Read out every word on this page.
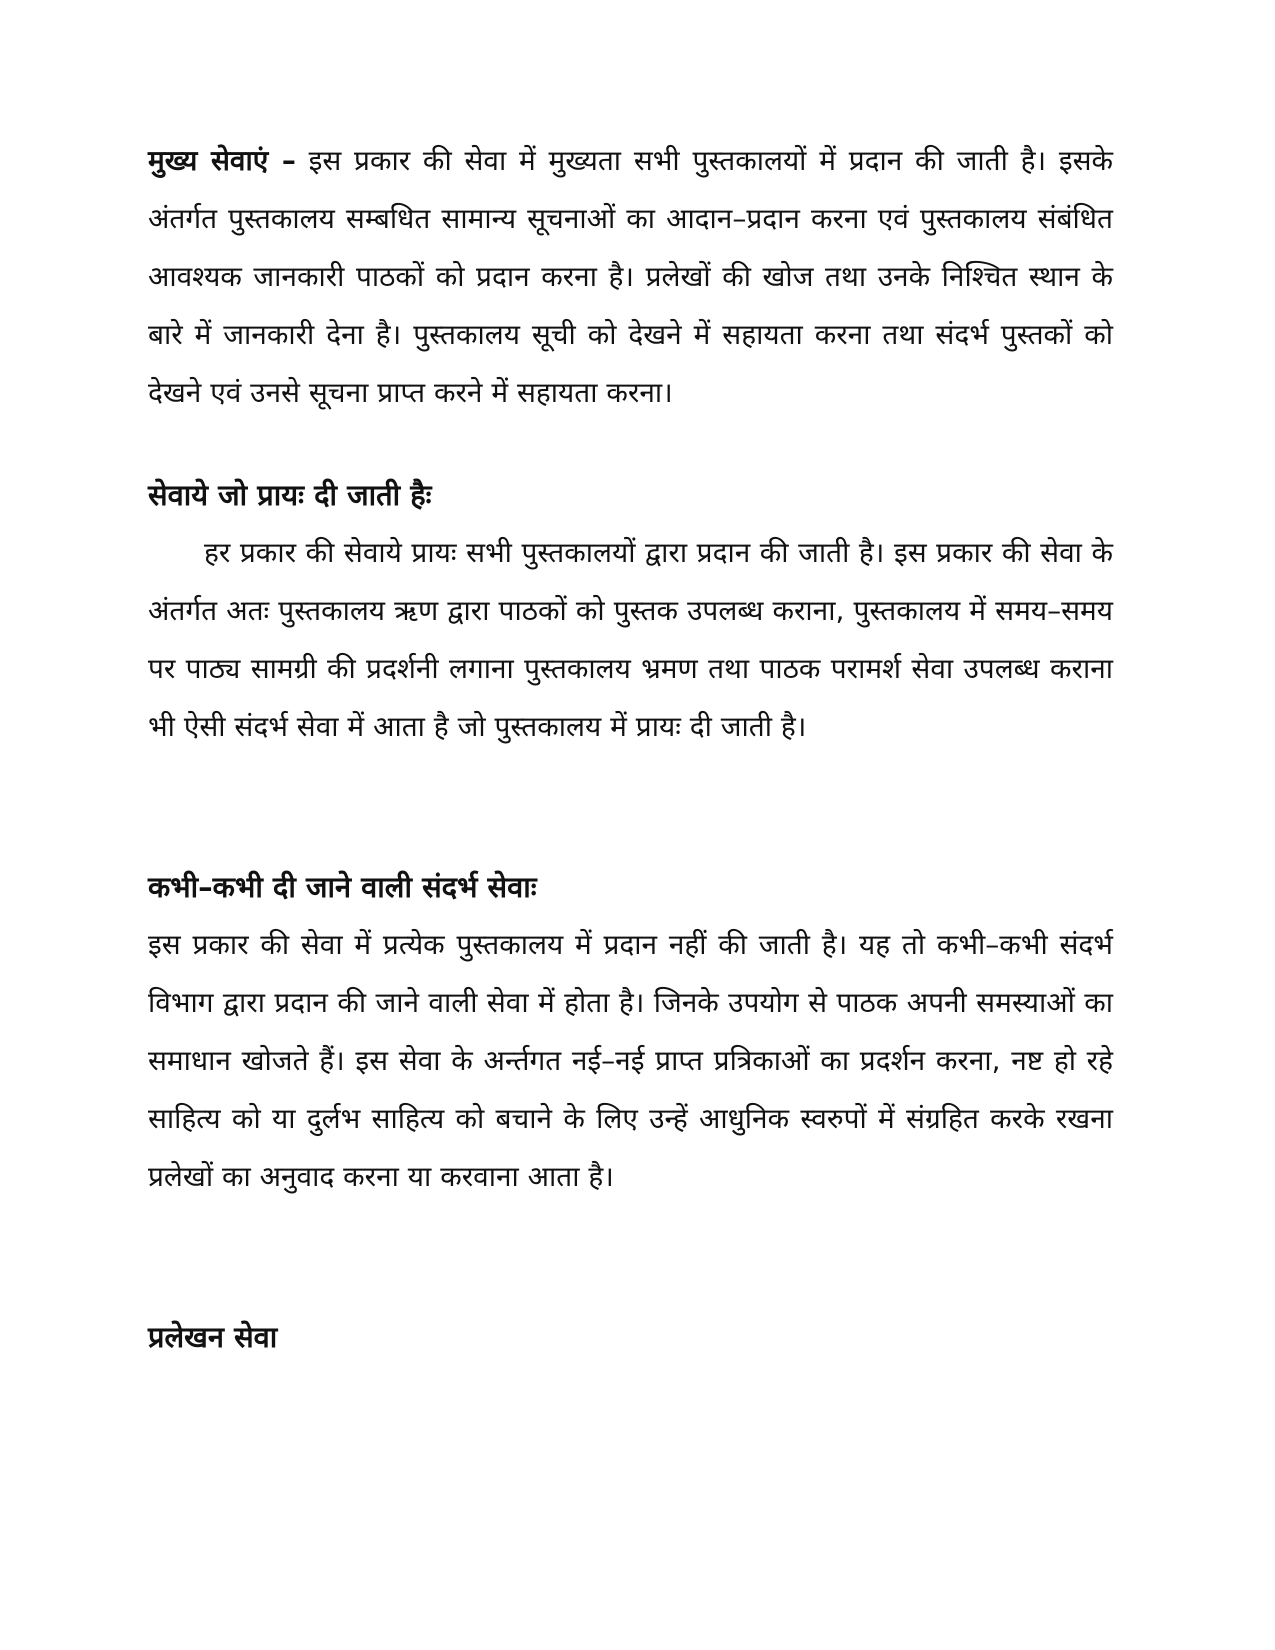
मुख्य सेवाएं – इस प्रकार की सेवा में मुख्यता सभी पुस्तकालयों में प्रदान की जाती है। इसके अंतर्गत पुस्तकालय सम्बधित सामान्य सूचनाओं का आदान–प्रदान करना एवं पुस्तकालय संबंधित आवश्यक जानकारी पाठकों को प्रदान करना है। प्रलेखों की खोज तथा उनके निश्चित स्थान के बारे में जानकारी देना है। पुस्तकालय सूची को देखने में सहायता करना तथा संदर्भ पुस्तकों को देखने एवं उनसे सूचना प्राप्त करने में सहायता करना।

सेवाये जो प्रायः दी जाती हैः

हर प्रकार की सेवाये प्रायः सभी पुस्तकालयों द्वारा प्रदान की जाती है। इस प्रकार की सेवा के अंतर्गत अतः पुस्तकालय ऋण द्वारा पाठकों को पुस्तक उपलब्ध कराना, पुस्तकालय में समय–समय पर पाठ्य सामग्री की प्रदर्शनी लगाना पुस्तकालय भ्रमण तथा पाठक परामर्श सेवा उपलब्ध कराना भी ऐसी संदर्भ सेवा में आता है जो पुस्तकालय में प्रायः दी जाती है।

कभी–कभी दी जाने वाली संदर्भ सेवाः

इस प्रकार की सेवा में प्रत्येक पुस्तकालय में प्रदान नहीं की जाती है। यह तो कभी–कभी संदर्भ विभाग द्वारा प्रदान की जाने वाली सेवा में होता है। जिनके उपयोग से पाठक अपनी समस्याओं का समाधान खोजते हैं। इस सेवा के अर्न्तगत नई–नई प्राप्त प्रत्रिकाओं का प्रदर्शन करना, नष्ट हो रहे साहित्य को या दुर्लभ साहित्य को बचाने के लिए उन्हें आधुनिक स्वरुपों में संग्रहित करके रखना प्रलेखों का अनुवाद करना या करवाना आता है।

प्रलेखन सेवा
